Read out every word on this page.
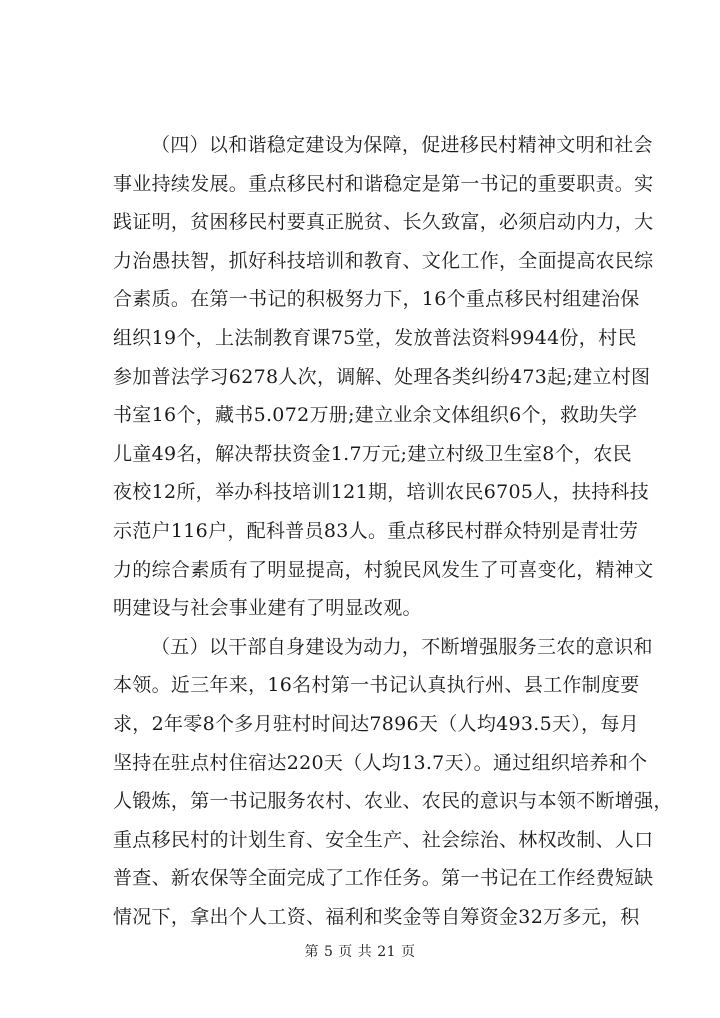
（四）以和谐稳定建设为保障，促进移民村精神文明和社会
事业持续发展。重点移民村和谐稳定是第一书记的重要职责。实
践证明，贫困移民村要真正脱贫、长久致富，必须启动内力，大
力治愚扶智，抓好科技培训和教育、文化工作，全面提高农民综
合素质。在第一书记的积极努力下，16个重点移民村组建治保
组织19个，上法制教育课75堂，发放普法资料9944份，村民
参加普法学习6278人次，调解、处理各类纠纷473起;建立村图
书室16个，藏书5.072万册;建立业余文体组织6个，救助失学
儿童49名，解决帮扶资金1.7万元;建立村级卫生室8个，农民
夜校12所，举办科技培训121期，培训农民6705人，扶持科技
示范户116户，配科普员83人。重点移民村群众特别是青壮劳
力的综合素质有了明显提高，村貌民风发生了可喜变化，精神文
明建设与社会事业建有了明显改观。

（五）以干部自身建设为动力，不断增强服务三农的意识和
本领。近三年来，16名村第一书记认真执行州、县工作制度要
求，2年零8个多月驻村时间达7896天（人均493.5天），每月
坚持在驻点村住宿达220天（人均13.7天）。通过组织培养和个
人锻炼，第一书记服务农村、农业、农民的意识与本领不断增强，
重点移民村的计划生育、安全生产、社会综治、林权改制、人口
普查、新农保等全面完成了工作任务。第一书记在工作经费短缺
情况下，拿出个人工资、福利和奖金等自筹资金32万多元，积

第 5 页 共 21 页
